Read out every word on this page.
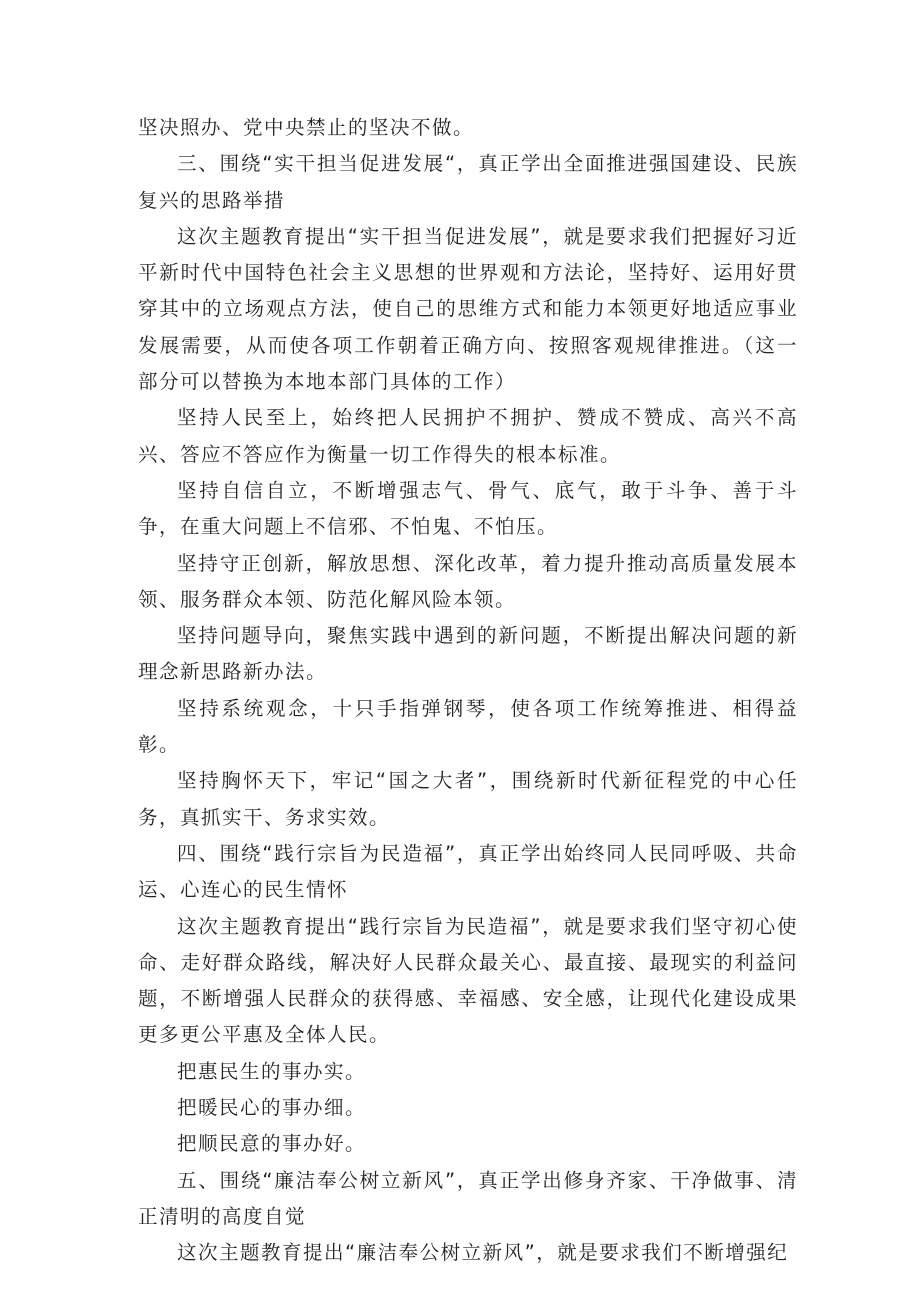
坚决照办、党中央禁止的坚决不做。

三、围绕“实干担当促进发展“，真正学出全面推进强国建设、民族复兴的思路举措

这次主题教育提出“实干担当促进发展”，就是要求我们把握好习近平新时代中国特色社会主义思想的世界观和方法论，坚持好、运用好贯穿其中的立场观点方法，使自己的思维方式和能力本领更好地适应事业发展需要，从而使各项工作朝着正确方向、按照客观规律推进。（这一部分可以替换为本地本部门具体的工作）

坚持人民至上，始终把人民拥护不拥护、赞成不赞成、高兴不高兴、答应不答应作为衡量一切工作得失的根本标准。

坚持自信自立，不断增强志气、骨气、底气，敢于斗争、善于斗争，在重大问题上不信邪、不怕鬼、不怕压。

坚持守正创新，解放思想、深化改革，着力提升推动高质量发展本领、服务群众本领、防范化解风险本领。

坚持问题导向，聚焦实践中遇到的新问题，不断提出解决问题的新理念新思路新办法。

坚持系统观念，十只手指弹钢琴，使各项工作统筹推进、相得益彰。

坚持胸怀天下，牢记“国之大者”，围绕新时代新征程党的中心任务，真抓实干、务求实效。

四、围绕“践行宗旨为民造福”，真正学出始终同人民同呼吸、共命运、心连心的民生情怀

这次主题教育提出“践行宗旨为民造福”，就是要求我们坚守初心使命、走好群众路线，解决好人民群众最关心、最直接、最现实的利益问题，不断增强人民群众的获得感、幸福感、安全感，让现代化建设成果更多更公平惠及全体人民。

把惠民生的事办实。

把暖民心的事办细。

把顺民意的事办好。

五、围绕“廉洁奉公树立新风”，真正学出修身齐家、干净做事、清正清明的高度自觉

这次主题教育提出“廉洁奉公树立新风”，就是要求我们不断增强纪
